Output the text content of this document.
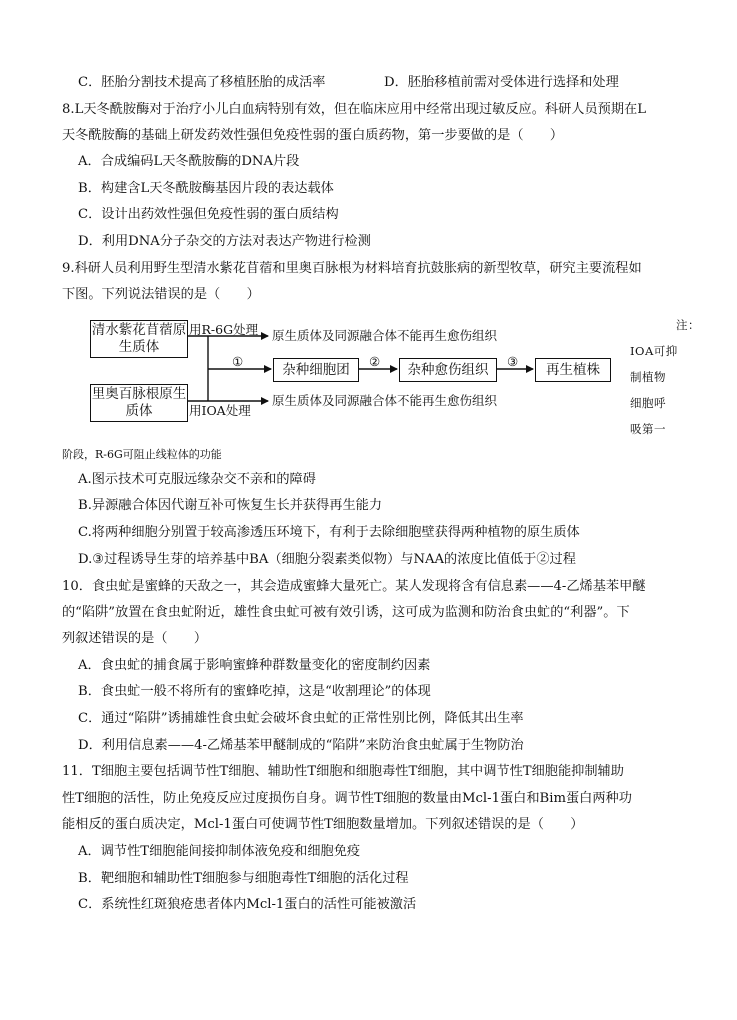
C．胚胎分割技术提高了移植胚胎的成活率	D．胚胎移植前需对受体进行选择和处理
8.L天冬酰胺酶对于治疗小儿白血病特别有效，但在临床应用中经常出现过敏反应。科研人员预期在L
天冬酰胺酶的基础上研发药效性强但免疫性弱的蛋白质药物，第一步要做的是（　　）
A．合成编码L天冬酰胺酶的DNA片段
B．构建含L天冬酰胺酶基因片段的表达载体
C．设计出药效性强但免疫性弱的蛋白质结构
D．利用DNA分子杂交的方法对表达产物进行检测
9.科研人员利用野生型清水紫花苜蓿和里奥百脉根为材料培育抗鼓胀病的新型牧草，研究主要流程如
下图。下列说法错误的是（　　）
清水紫花苜蓿原生质体
里奥百脉根原生质体
用R-6G处理
用IOA处理
原生质体及同源融合体不能再生愈伤组织
原生质体及同源融合体不能再生愈伤组织
①	②	③
杂种细胞团	杂种愈伤组织	再生植株
注：
IOA可抑
制植物
细胞呼
吸第一
阶段，R-6G可阻止线粒体的功能
A.图示技术可克服远缘杂交不亲和的障碍
B.异源融合体因代谢互补可恢复生长并获得再生能力
C.将两种细胞分别置于较高渗透压环境下，有利于去除细胞壁获得两种植物的原生质体
D.③过程诱导生芽的培养基中BA（细胞分裂素类似物）与NAA的浓度比值低于②过程
10．食虫虻是蜜蜂的天敌之一，其会造成蜜蜂大量死亡。某人发现将含有信息素——4-乙烯基苯甲醚
的“陷阱”放置在食虫虻附近，雄性食虫虻可被有效引诱，这可成为监测和防治食虫虻的“利器”。下
列叙述错误的是（　　）
A．食虫虻的捕食属于影响蜜蜂种群数量变化的密度制约因素
B．食虫虻一般不将所有的蜜蜂吃掉，这是“收割理论”的体现
C．通过“陷阱”诱捕雄性食虫虻会破坏食虫虻的正常性别比例，降低其出生率
D．利用信息素——4-乙烯基苯甲醚制成的“陷阱”来防治食虫虻属于生物防治
11．T细胞主要包括调节性T细胞、辅助性T细胞和细胞毒性T细胞，其中调节性T细胞能抑制辅助
性T细胞的活性，防止免疫反应过度损伤自身。调节性T细胞的数量由Mcl-1蛋白和Bim蛋白两种功
能相反的蛋白质决定，Mcl-1蛋白可使调节性T细胞数量增加。下列叙述错误的是（　　）
A．调节性T细胞能间接抑制体液免疫和细胞免疫
B．靶细胞和辅助性T细胞参与细胞毒性T细胞的活化过程
C．系统性红斑狼疮患者体内Mcl-1蛋白的活性可能被激活
